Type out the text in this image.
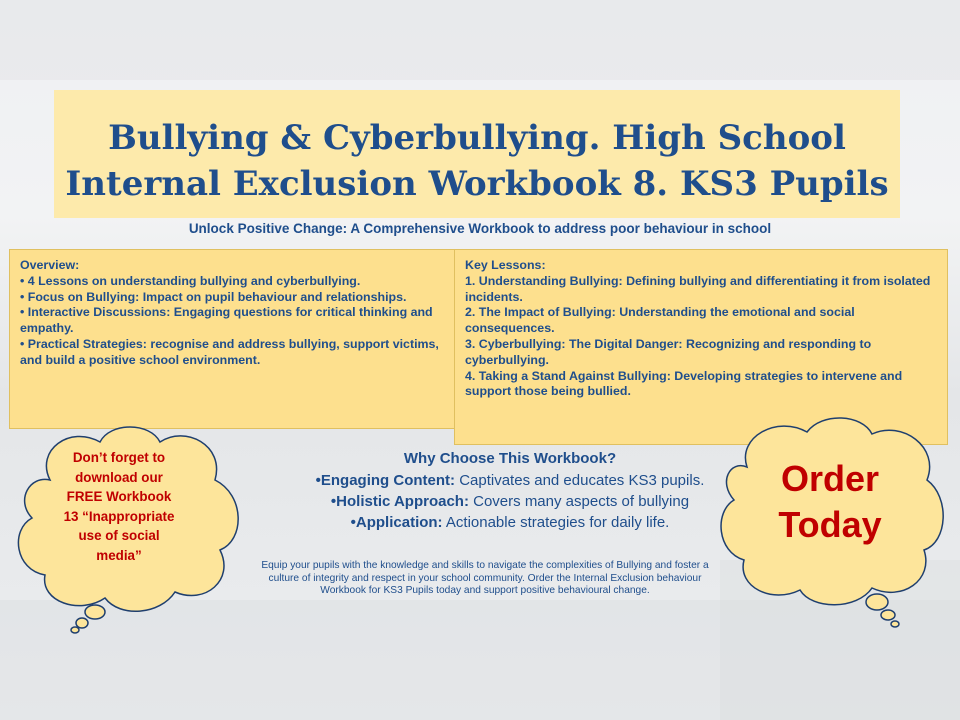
Bullying & Cyberbullying. High School
Internal Exclusion Workbook 8. KS3 Pupils
Unlock Positive Change: A Comprehensive Workbook to address poor behaviour in school
Overview:
• 4 Lessons on understanding bullying and cyberbullying.
• Focus on Bullying: Impact on pupil behaviour and relationships.
• Interactive Discussions: Engaging questions for critical thinking and empathy.
• Practical Strategies: recognise and address bullying, support victims, and build a positive school environment.
Key Lessons:
1. Understanding Bullying: Defining bullying and differentiating it from isolated incidents.
2. The Impact of Bullying: Understanding the emotional and social consequences.
3. Cyberbullying: The Digital Danger: Recognizing and responding to cyberbullying.
4. Taking a Stand Against Bullying: Developing strategies to intervene and support those being bullied.
Don’t forget to
download our
FREE Workbook
13 “Inappropriate
use of social
media”
Order
Today
Why Choose This Workbook?
•Engaging Content: Captivates and educates KS3 pupils.
•Holistic Approach: Covers many aspects of bullying
•Application: Actionable strategies for daily life.
Equip your pupils with the knowledge and skills to navigate the complexities of Bullying and foster a culture of integrity and respect in your school community. Order the Internal Exclusion behaviour Workbook for KS3 Pupils today and support positive behavioural change.
